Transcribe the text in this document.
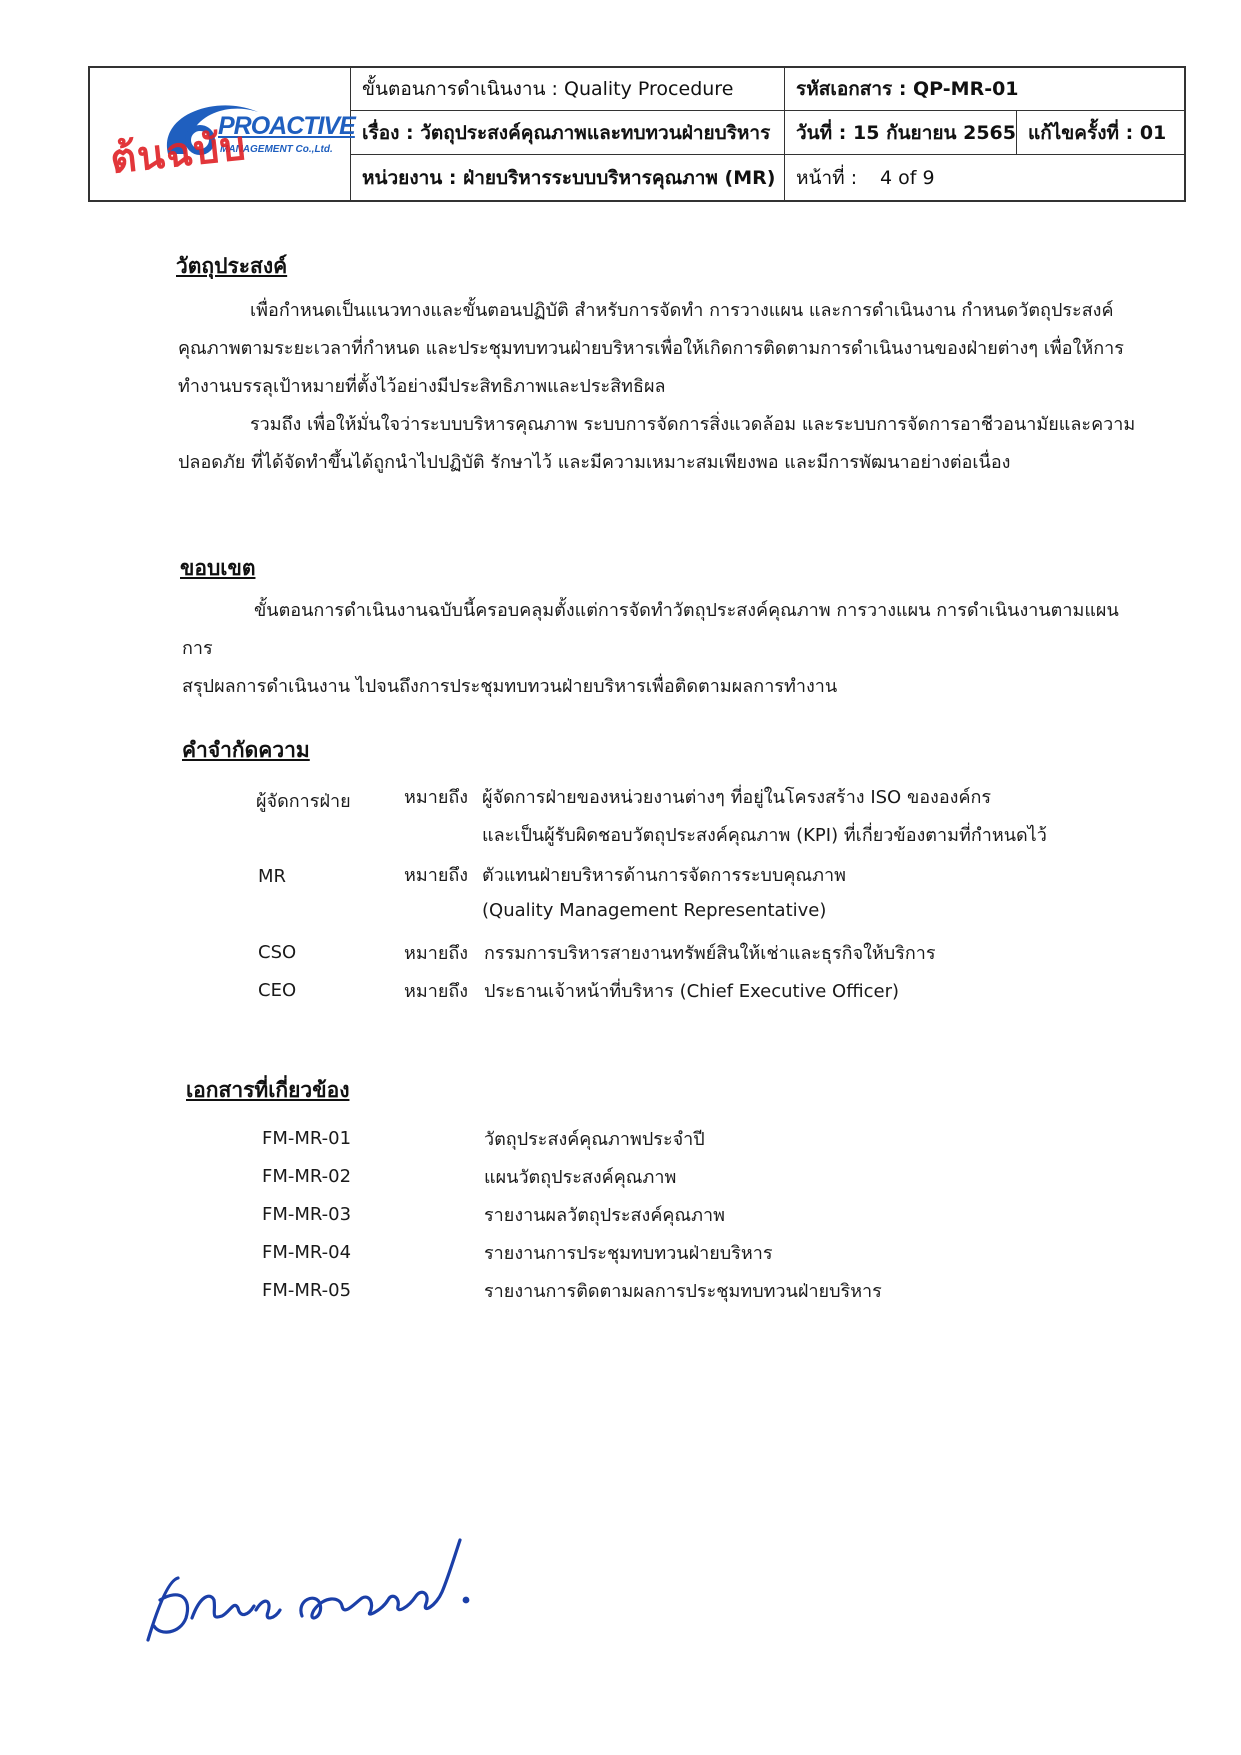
PROACTIVE
MANAGEMENT Co.,Ltd.
ต้นฉบับ
ขั้นตอนการดำเนินงาน : Quality Procedure	รหัสเอกสาร : QP-MR-01
เรื่อง : วัตถุประสงค์คุณภาพและทบทวนฝ่ายบริหาร	วันที่ : 15 กันยายน 2565 แก้ไขครั้งที่ : 01
หน่วยงาน : ฝ่ายบริหารระบบบริหารคุณภาพ (MR)	หน้าที่ :	4 of 9
วัตถุประสงค์
เพื่อกำหนดเป็นแนวทางและขั้นตอนปฏิบัติ สำหรับการจัดทำ การวางแผน และการดำเนินงาน กำหนดวัตถุประสงค์
คุณภาพตามระยะเวลาที่กำหนด และประชุมทบทวนฝ่ายบริหารเพื่อให้เกิดการติดตามการดำเนินงานของฝ่ายต่างๆ เพื่อให้การ
ทำงานบรรลุเป้าหมายที่ตั้งไว้อย่างมีประสิทธิภาพและประสิทธิผล
รวมถึง เพื่อให้มั่นใจว่าระบบบริหารคุณภาพ ระบบการจัดการสิ่งแวดล้อม และระบบการจัดการอาชีวอนามัยและความ
ปลอดภัย ที่ได้จัดทำขึ้นได้ถูกนำไปปฏิบัติ รักษาไว้ และมีความเหมาะสมเพียงพอ และมีการพัฒนาอย่างต่อเนื่อง
ขอบเขต
ขั้นตอนการดำเนินงานฉบับนี้ครอบคลุมตั้งแต่การจัดทำวัตถุประสงค์คุณภาพ การวางแผน การดำเนินงานตามแผน การ
สรุปผลการดำเนินงาน ไปจนถึงการประชุมทบทวนฝ่ายบริหารเพื่อติดตามผลการทำงาน
คำจำกัดความ
ผู้จัดการฝ่าย	หมายถึง ผู้จัดการฝ่ายของหน่วยงานต่างๆ ที่อยู่ในโครงสร้าง ISO ขององค์กร
และเป็นผู้รับผิดชอบวัตถุประสงค์คุณภาพ (KPI) ที่เกี่ยวข้องตามที่กำหนดไว้
MR	หมายถึง ตัวแทนฝ่ายบริหารด้านการจัดการระบบคุณภาพ
(Quality Management Representative)
CSO	หมายถึง กรรมการบริหารสายงานทรัพย์สินให้เช่าและธุรกิจให้บริการ
CEO	หมายถึง ประธานเจ้าหน้าที่บริหาร (Chief Executive Officer)
เอกสารที่เกี่ยวข้อง
FM-MR-01	วัตถุประสงค์คุณภาพประจำปี
FM-MR-02	แผนวัตถุประสงค์คุณภาพ
FM-MR-03	รายงานผลวัตถุประสงค์คุณภาพ
FM-MR-04	รายงานการประชุมทบทวนฝ่ายบริหาร
FM-MR-05	รายงานการติดตามผลการประชุมทบทวนฝ่ายบริหาร
